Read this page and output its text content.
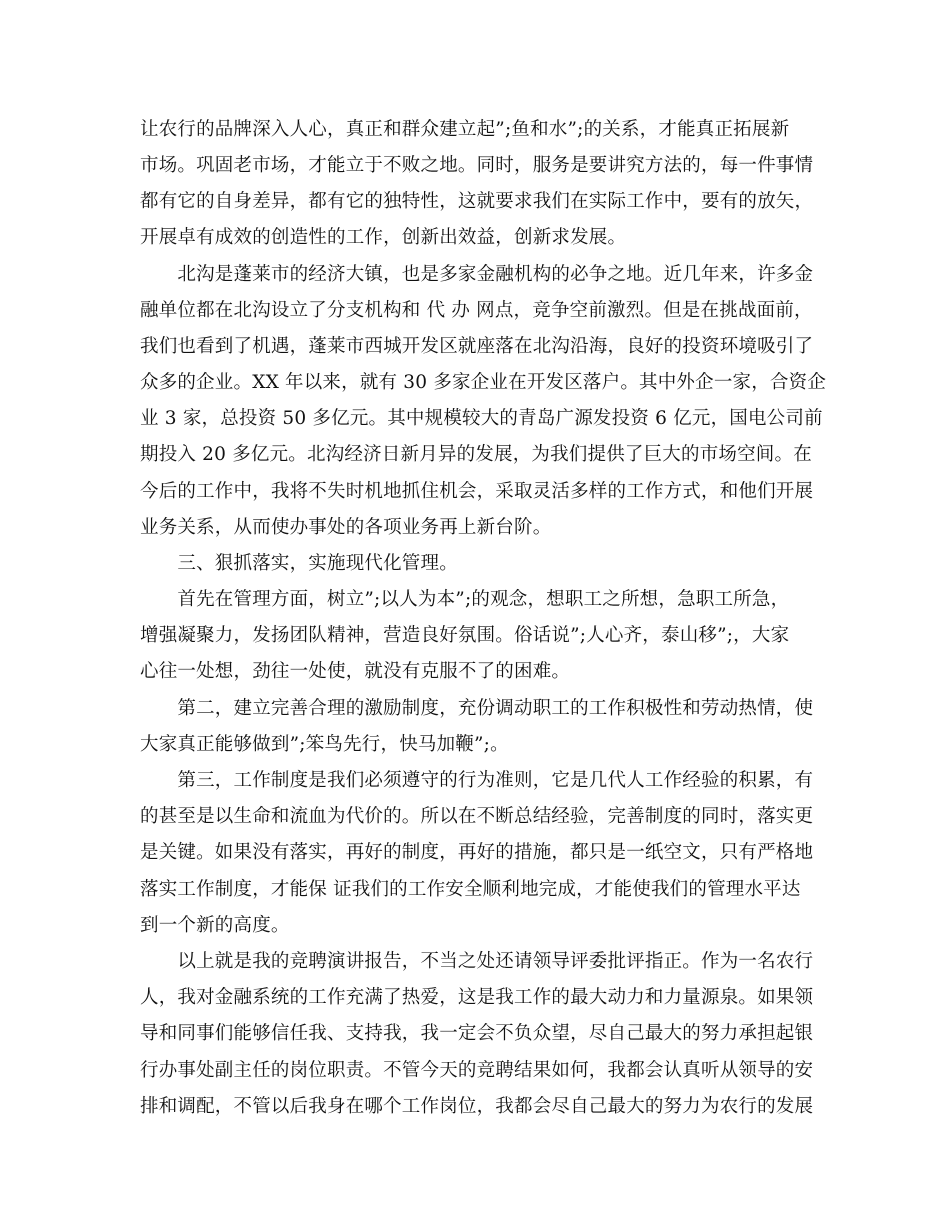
让农行的品牌深入人心，真正和群众建立起”;鱼和水”;的关系，才能真正拓展新
市场。巩固老市场，才能立于不败之地。同时，服务是要讲究方法的，每一件事情
都有它的自身差异，都有它的独特性，这就要求我们在实际工作中，要有的放矢，
开展卓有成效的创造性的工作，创新出效益，创新求发展。
　　北沟是蓬莱市的经济大镇，也是多家金融机构的必争之地。近几年来，许多金
融单位都在北沟设立了分支机构和 代 办 网点，竞争空前激烈。但是在挑战面前，
我们也看到了机遇，蓬莱市西城开发区就座落在北沟沿海，良好的投资环境吸引了
众多的企业。XX 年以来，就有 30 多家企业在开发区落户。其中外企一家，合资企
业 3 家，总投资 50 多亿元。其中规模较大的青岛广源发投资 6 亿元，国电公司前
期投入 20 多亿元。北沟经济日新月异的发展，为我们提供了巨大的市场空间。在
今后的工作中，我将不失时机地抓住机会，采取灵活多样的工作方式，和他们开展
业务关系，从而使办事处的各项业务再上新台阶。
　　三、狠抓落实，实施现代化管理。
　　首先在管理方面，树立”;以人为本”;的观念，想职工之所想，急职工所急，
增强凝聚力，发扬团队精神，营造良好氛围。俗话说”;人心齐，泰山移”;，大家
心往一处想，劲往一处使，就没有克服不了的困难。
　　第二，建立完善合理的激励制度，充份调动职工的工作积极性和劳动热情，使
大家真正能够做到”;笨鸟先行，快马加鞭”;。
　　第三，工作制度是我们必须遵守的行为准则，它是几代人工作经验的积累，有
的甚至是以生命和流血为代价的。所以在不断总结经验，完善制度的同时，落实更
是关键。如果没有落实，再好的制度，再好的措施，都只是一纸空文，只有严格地
落实工作制度，才能保 证我们的工作安全顺利地完成，才能使我们的管理水平达
到一个新的高度。
　　以上就是我的竞聘演讲报告，不当之处还请领导评委批评指正。作为一名农行
人，我对金融系统的工作充满了热爱，这是我工作的最大动力和力量源泉。如果领
导和同事们能够信任我、支持我，我一定会不负众望，尽自己最大的努力承担起银
行办事处副主任的岗位职责。不管今天的竞聘结果如何，我都会认真听从领导的安
排和调配，不管以后我身在哪个工作岗位，我都会尽自己最大的努力为农行的发展
